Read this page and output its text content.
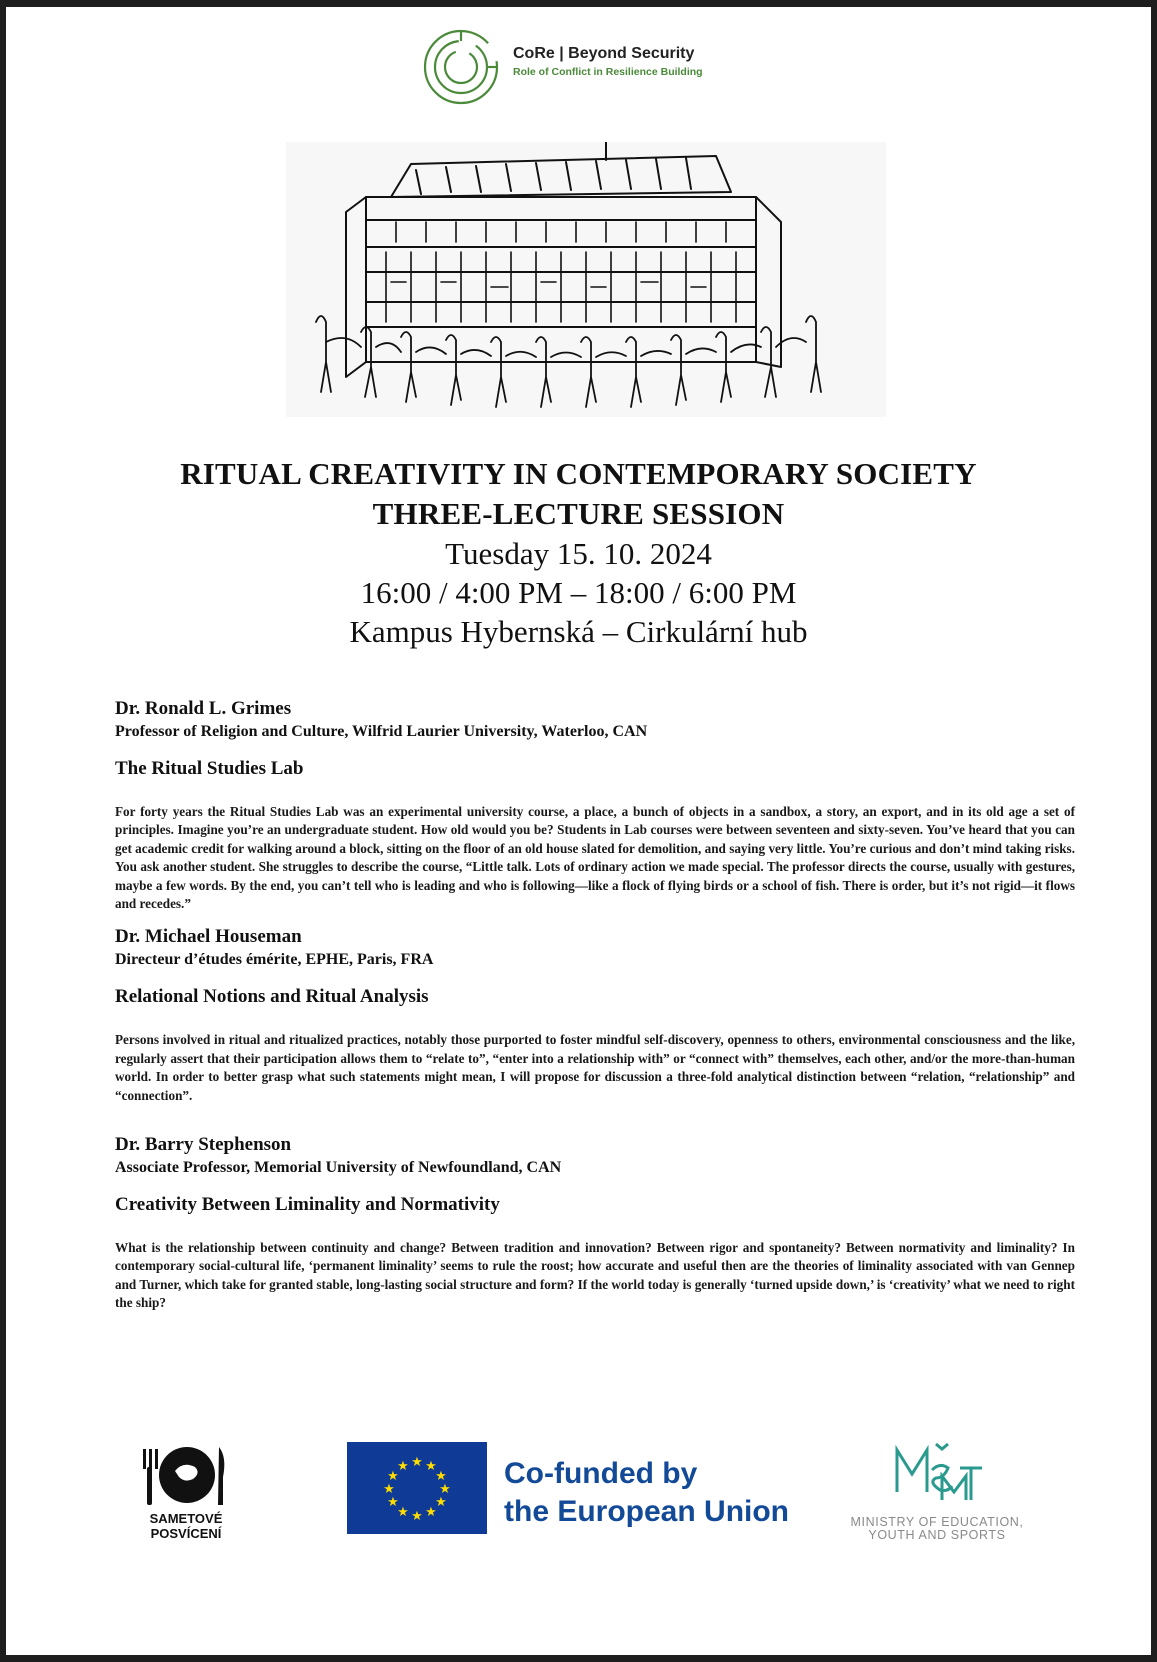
CoRe | Beyond Security
Role of Conflict in Resilience Building
RITUAL CREATIVITY IN CONTEMPORARY SOCIETY
THREE-LECTURE SESSION
Tuesday 15. 10. 2024
16:00 / 4:00 PM – 18:00 / 6:00 PM
Kampus Hybernská – Cirkulární hub

Dr. Ronald L. Grimes

Professor of Religion and Culture, Wilfrid Laurier University, Waterloo, CAN

The Ritual Studies Lab

For forty years the Ritual Studies Lab was an experimental university course, a place, a bunch of objects in a sandbox, a story, an export, and in its old age a set of principles. Imagine you’re an undergraduate student. How old would you be? Students in Lab courses were between seventeen and sixty-seven. You’ve heard that you can get academic credit for walking around a block, sitting on the floor of an old house slated for demolition, and saying very little. You’re curious and don’t mind taking risks. You ask another student. She struggles to describe the course, “Little talk. Lots of ordinary action we made special. The professor directs the course, usually with gestures, maybe a few words. By the end, you can’t tell who is leading and who is following—like a flock of flying birds or a school of fish. There is order, but it’s not rigid—it flows and recedes.”

Dr. Michael Houseman

Directeur d’études émérite, EPHE, Paris, FRA

Relational Notions and Ritual Analysis

Persons involved in ritual and ritualized practices, notably those purported to foster mindful self-discovery, openness to others, environmental consciousness and the like, regularly assert that their participation allows them to “relate to”, “enter into a relationship with” or “connect with” themselves, each other, and/or the more-than-human world. In order to better grasp what such statements might mean, I will propose for discussion a three-fold analytical distinction between “relation, “relationship” and “connection”.

Dr. Barry Stephenson

Associate Professor, Memorial University of Newfoundland, CAN

Creativity Between Liminality and Normativity

What is the relationship between continuity and change? Between tradition and innovation? Between rigor and spontaneity? Between normativity and liminality? In contemporary social-cultural life, ‘permanent liminality’ seems to rule the roost; how accurate and useful then are the theories of liminality associated with van Gennep and Turner, which take for granted stable, long-lasting social structure and form? If the world today is generally ‘turned upside down,’ is ‘creativity’ what we need to right the ship?

SAMETOVÉ
POSVÍCENÍ
★ ★
★
★
★
★
★
★
★
★
★
★	Co-funded by
the European Union	MINISTRY OF EDUCATION,
YOUTH AND SPORTS
